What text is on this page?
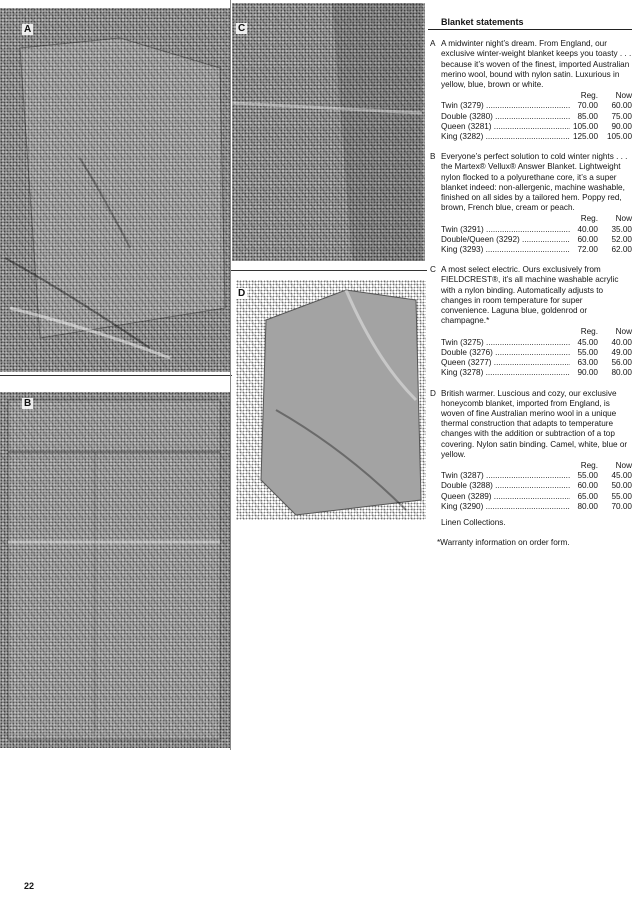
A
B
C
D
Blanket statements
A A midwinter night’s dream. From England, our exclusive winter-weight blanket keeps you toasty . . . because it’s woven of the finest, imported Australian merino wool, bound with nylon satin. Luxurious in yellow, blue, brown or white.

Reg.	Now
Twin (3279) .....	70.00	60.00
Double (3280) .....	85.00	75.00
Queen (3281) .....	105.00	90.00
King (3282) .....	125.00	105.00
B Everyone’s perfect solution to cold winter nights . . . the Martex® Vellux® Answer Blanket. Lightweight nylon flocked to a polyurethane core, it’s a super blanket indeed: non-allergenic, machine washable, finished on all sides by a tailored hem. Poppy red, brown, French blue, cream or peach.

Reg.	Now
Twin (3291) .....	40.00	35.00
Double/Queen (3292) .....	60.00	52.00
King (3293) .....	72.00	62.00
C A most select electric. Ours exclusively from FIELDCREST®, it’s all machine washable acrylic with a nylon binding. Automatically adjusts to changes in room temperature for super convenience. Laguna blue, goldenrod or champagne.*

Reg.	Now
Twin (3275) .....	45.00	40.00
Double (3276) .....	55.00	49.00
Queen (3277) .....	63.00	56.00
King (3278) .....	90.00	80.00
D British warmer. Luscious and cozy, our exclusive honeycomb blanket, imported from England, is woven of fine Australian merino wool in a unique thermal construction that adapts to temperature changes with the addition or subtraction of a top covering. Nylon satin binding. Camel, white, blue or yellow.

Reg.	Now
Twin (3287) .....	55.00	45.00
Double (3288) .....	60.00	50.00
Queen (3289) .....	65.00	55.00
King (3290) .....	80.00	70.00
Linen Collections.
*Warranty information on order form.
22
